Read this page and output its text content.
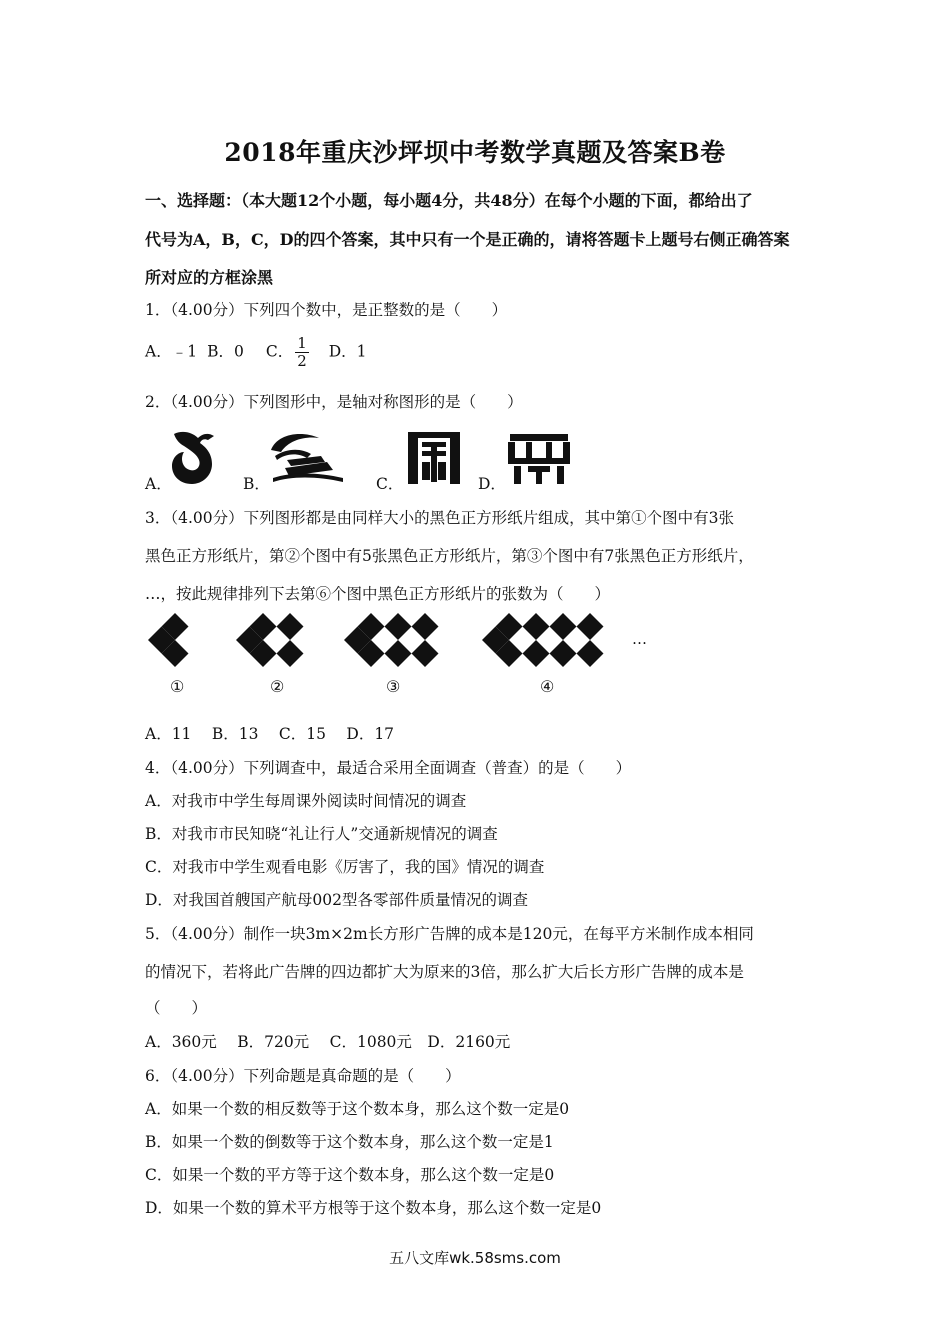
2018年重庆沙坪坝中考数学真题及答案B卷
一、选择题：（本大题12个小题，每小题4分，共48分）在每个小题的下面，都给出了
代号为A，B，C，D的四个答案，其中只有一个是正确的，请将答题卡上题号右侧正确答案
所对应的方框涂黑
1．（4.00分）下列四个数中，是正整数的是（　　）
A．﹣1 B．0 C． $\frac{1}{2}$ D．1
2．（4.00分）下列图形中，是轴对称图形的是（　　）
A．	B．	C．	D．
3．（4.00分）下列图形都是由同样大小的黑色正方形纸片组成，其中第①个图中有3张
黑色正方形纸片，第②个图中有5张黑色正方形纸片，第③个图中有7张黑色正方形纸片，
…，按此规律排列下去第⑥个图中黑色正方形纸片的张数为（　　）
①	②	③	④
…
A．11　 B．13　 C．15　 D．17
4．（4.00分）下列调查中，最适合采用全面调查（普查）的是（　　）
A．对我市中学生每周课外阅读时间情况的调查
B．对我市市民知晓“礼让行人”交通新规情况的调查
C．对我市中学生观看电影《厉害了，我的国》情况的调查
D．对我国首艘国产航母002型各零部件质量情况的调查
5．（4.00分）制作一块3m×2m长方形广告牌的成本是120元，在每平方米制作成本相同
的情况下，若将此广告牌的四边都扩大为原来的3倍，那么扩大后长方形广告牌的成本是
（　　）
A．360元　 B．720元　 C．1080元　D．2160元
6．（4.00分）下列命题是真命题的是（　　）
A．如果一个数的相反数等于这个数本身，那么这个数一定是0
B．如果一个数的倒数等于这个数本身，那么这个数一定是1
C．如果一个数的平方等于这个数本身，那么这个数一定是0
D．如果一个数的算术平方根等于这个数本身，那么这个数一定是0
五八文库wk.58sms.com
